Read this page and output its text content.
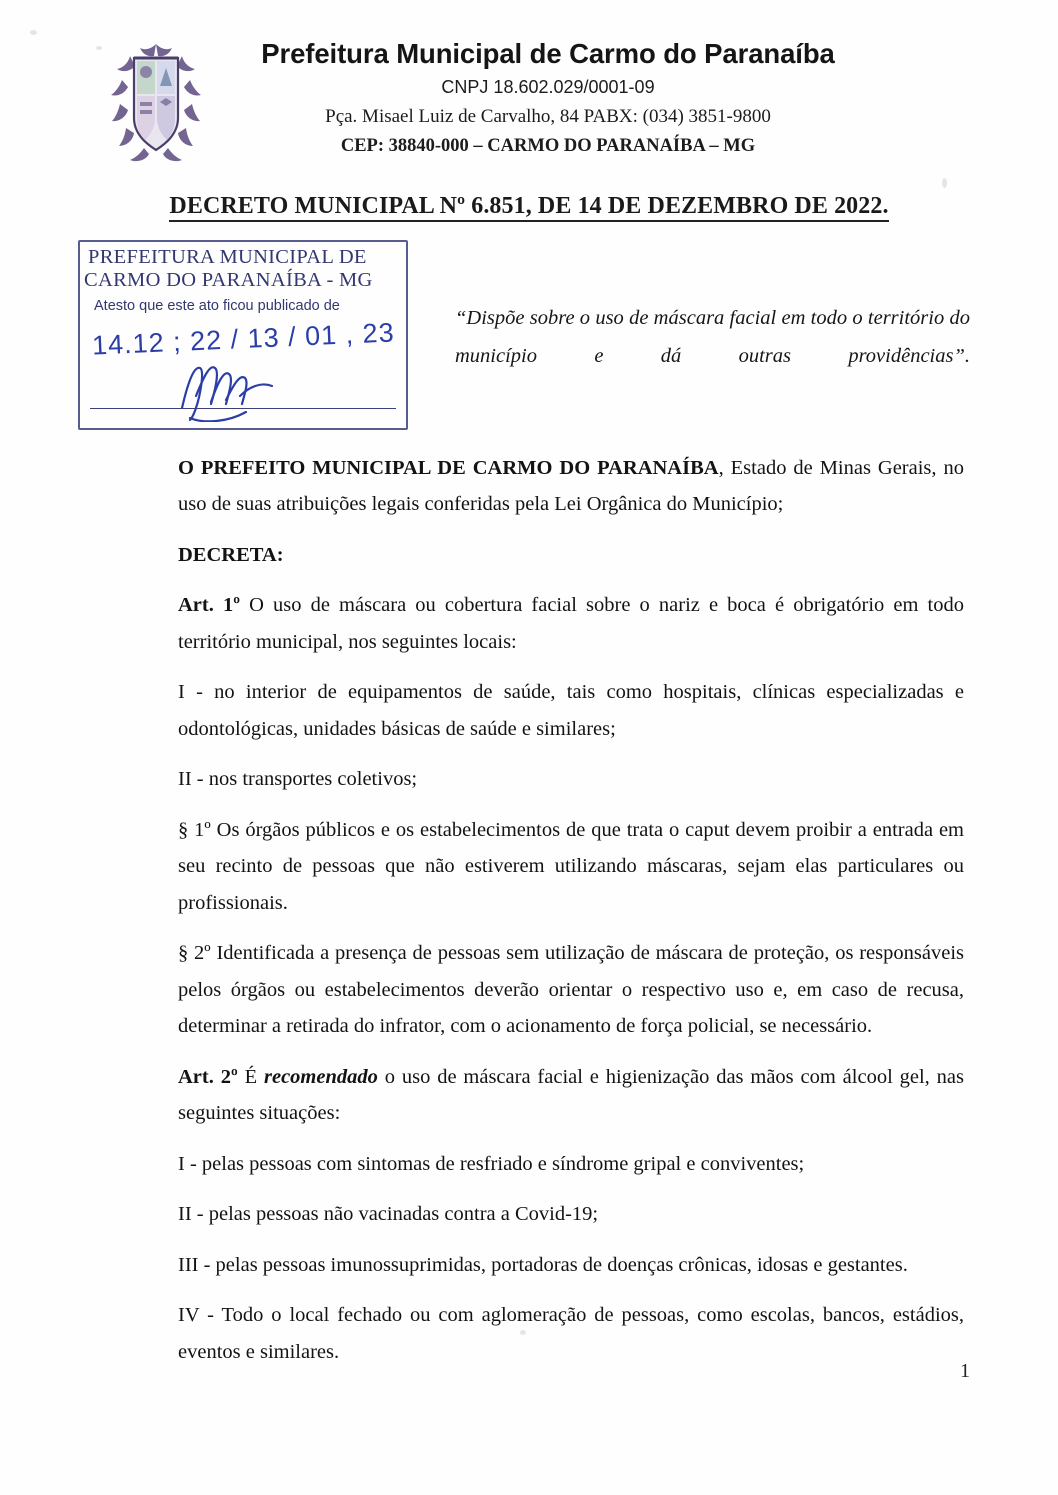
Prefeitura Municipal de Carmo do Paranaíba
CNPJ 18.602.029/0001-09
Pça. Misael Luiz de Carvalho, 84 PABX: (034) 3851-9800
CEP: 38840-000 – CARMO DO PARANAÍBA – MG
DECRETO MUNICIPAL Nº 6.851, DE 14 DE DEZEMBRO DE 2022.
PREFEITURA MUNICIPAL DE
CARMO DO PARANAÍBA - MG
Atesto que este ato ficou publicado de
14.12 ; 22 / 13 / 01 , 23	“Dispõe sobre o uso de máscara facial em todo o território do município e dá outras providências”.

O PREFEITO MUNICIPAL DE CARMO DO PARANAÍBA, Estado de Minas Gerais, no uso de suas atribuições legais conferidas pela Lei Orgânica do Município;

DECRETA:

Art. 1º O uso de máscara ou cobertura facial sobre o nariz e boca é obrigatório em todo território municipal, nos seguintes locais:

I - no interior de equipamentos de saúde, tais como hospitais, clínicas especializadas e odontológicas, unidades básicas de saúde e similares;

II - nos transportes coletivos;

§ 1º Os órgãos públicos e os estabelecimentos de que trata o caput devem proibir a entrada em seu recinto de pessoas que não estiverem utilizando máscaras, sejam elas particulares ou profissionais.

§ 2º Identificada a presença de pessoas sem utilização de máscara de proteção, os responsáveis pelos órgãos ou estabelecimentos deverão orientar o respectivo uso e, em caso de recusa, determinar a retirada do infrator, com o acionamento de força policial, se necessário.

Art. 2º É recomendado o uso de máscara facial e higienização das mãos com álcool gel, nas seguintes situações:

I - pelas pessoas com sintomas de resfriado e síndrome gripal e conviventes;

II - pelas pessoas não vacinadas contra a Covid-19;

III - pelas pessoas imunossuprimidas, portadoras de doenças crônicas, idosas e gestantes.

IV - Todo o local fechado ou com aglomeração de pessoas, como escolas, bancos, estádios, eventos e similares.

1
